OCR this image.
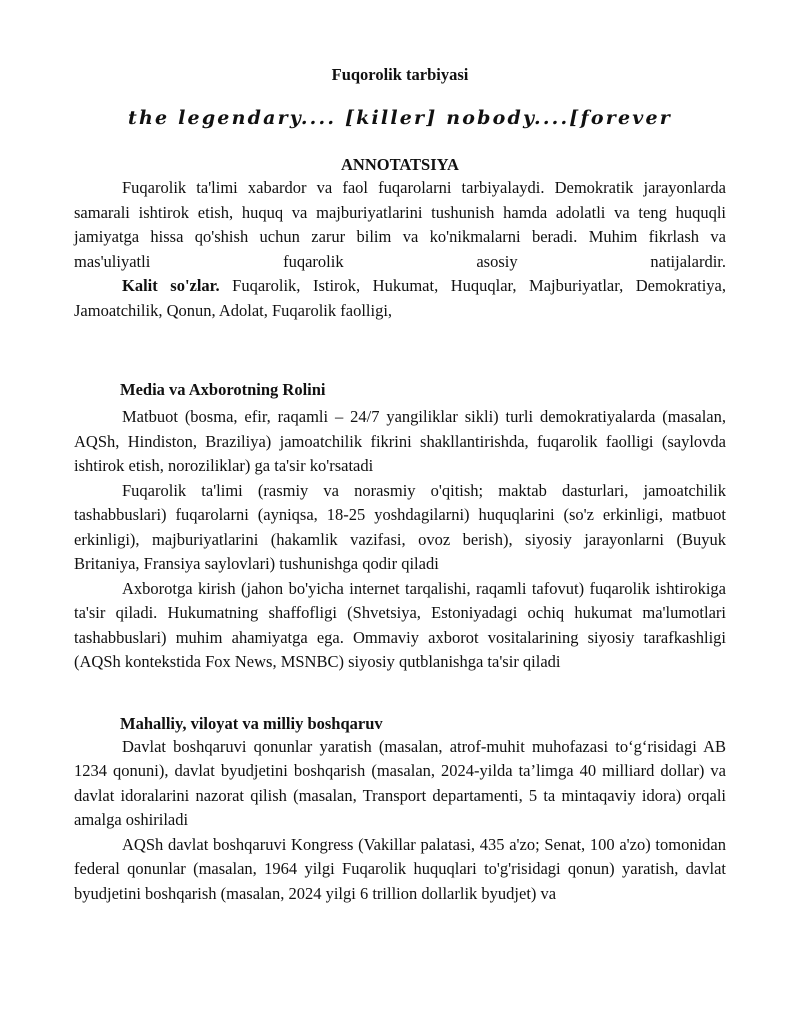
Fuqorolik tarbiyasi
the legendary.... [killer] nobody....[forever
ANNOTATSIYA

Fuqarolik ta'limi xabardor va faol fuqarolarni tarbiyalaydi. Demokratik jarayonlarda samarali ishtirok etish, huquq va majburiyatlarini tushunish hamda adolatli va teng huquqli jamiyatga hissa qo'shish uchun zarur bilim va ko'nikmalarni beradi. Muhim fikrlash va mas'uliyatli fuqarolik asosiy natijalardir.

Kalit so'zlar. Fuqarolik, Istirok, Hukumat, Huquqlar, Majburiyatlar, Demokratiya, Jamoatchilik, Qonun, Adolat, Fuqarolik faolligi,

Media va Axborotning Rolini

Matbuot (bosma, efir, raqamli – 24/7 yangiliklar sikli) turli demokratiyalarda (masalan, AQSh, Hindiston, Braziliya) jamoatchilik fikrini shakllantirishda, fuqarolik faolligi (saylovda ishtirok etish, noroziliklar) ga ta'sir ko'rsatadi

Fuqarolik ta'limi (rasmiy va norasmiy o'qitish; maktab dasturlari, jamoatchilik tashabbuslari) fuqarolarni (ayniqsa, 18-25 yoshdagilarni) huquqlarini (so'z erkinligi, matbuot erkinligi), majburiyatlarini (hakamlik vazifasi, ovoz berish), siyosiy jarayonlarni (Buyuk Britaniya, Fransiya saylovlari) tushunishga qodir qiladi

Axborotga kirish (jahon bo'yicha internet tarqalishi, raqamli tafovut) fuqarolik ishtirokiga ta'sir qiladi. Hukumatning shaffofligi (Shvetsiya, Estoniyadagi ochiq hukumat ma'lumotlari tashabbuslari) muhim ahamiyatga ega. Ommaviy axborot vositalarining siyosiy tarafkashligi (AQSh kontekstida Fox News, MSNBC) siyosiy qutblanishga ta'sir qiladi

Mahalliy, viloyat va milliy boshqaruv

Davlat boshqaruvi qonunlar yaratish (masalan, atrof-muhit muhofazasi to‘g‘risidagi AB 1234 qonuni), davlat byudjetini boshqarish (masalan, 2024-yilda ta’limga 40 milliard dollar) va davlat idoralarini nazorat qilish (masalan, Transport departamenti, 5 ta mintaqaviy idora) orqali amalga oshiriladi

AQSh davlat boshqaruvi Kongress (Vakillar palatasi, 435 a'zo; Senat, 100 a'zo) tomonidan federal qonunlar (masalan, 1964 yilgi Fuqarolik huquqlari to'g'risidagi qonun) yaratish, davlat byudjetini boshqarish (masalan, 2024 yilgi 6 trillion dollarlik byudjet) va
